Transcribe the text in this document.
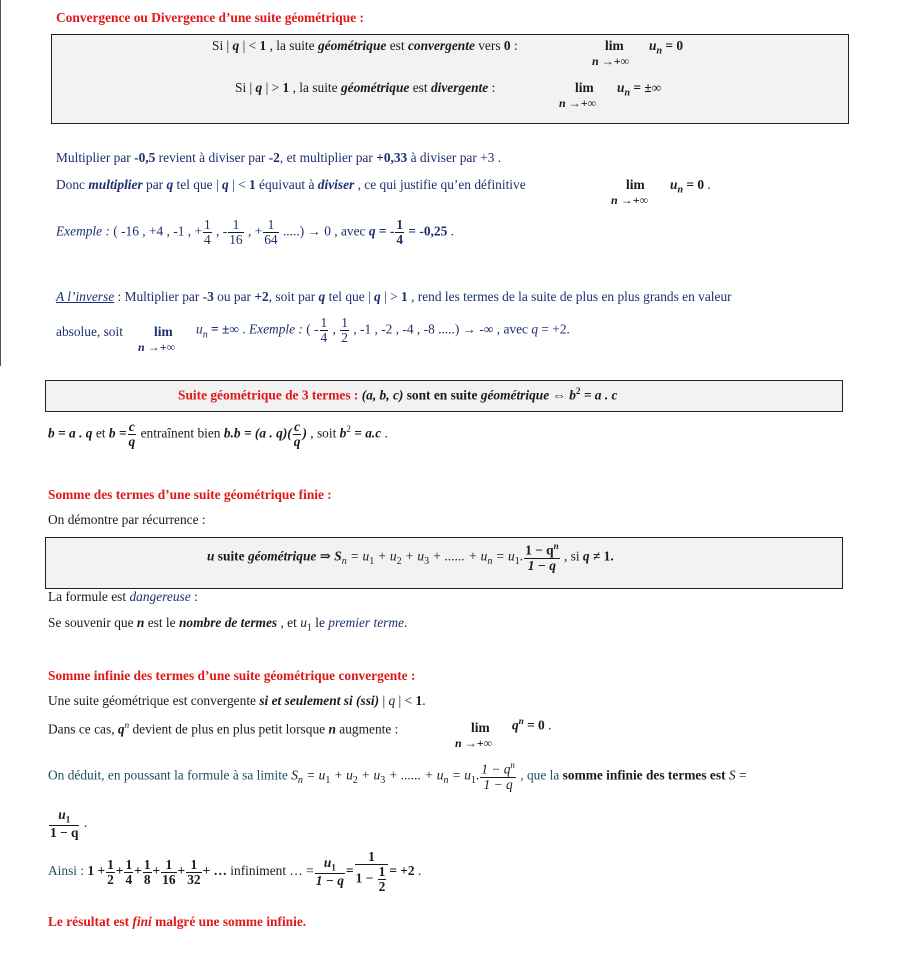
Convergence ou Divergence d’une suite géométrique :
Si | q | < 1 , la suite géométrique est convergente vers 0 :	$\lim u_n = 0$
n →+∞
Si | q | > 1 , la suite géométrique est divergente :	$\lim u_n$ = ±∞
n →+∞
Multiplier par -0,5 revient à diviser par -2, et multiplier par +0,33 à diviser par +3 .
Donc multiplier par q tel que | q | < 1 équivaut à diviser , ce qui justifie qu’en définitive	$\lim u_n = 0$ .
n →+∞
Exemple : ( -16 , +4 , -1 , + $\frac{1}{4}$ , - $\frac{1}{16}$ , + $\frac{1}{64}$ .....) → 0 , avec q = - $\frac{1}{4} = -0,25$ .
A l’inverse : Multiplier par -3 ou par +2, soit par q tel que | q | > 1 , rend les termes de la suite de plus en plus grands en valeur
absolue, soit $\lim u_n$ = ±∞ . Exemple : ( - $\frac{1}{4}$ , $\frac{1}{2}$ , -1 , -2 , -4 , -8 .....) → -∞ , avec q = +2.
n →+∞
Suite géométrique de 3 termes : (a, b, c) sont en suite géométrique ⇔ $b^2 = a$ . c
b = a . q et $b = \frac{c}{q}$ entraînent bien b.b = (a . $q)( \frac{c}{q}$ ) , soit $b^2 = a.c$ .
Somme des termes d’une suite géométrique finie :
On démontre par récurrence :
u suite géométrique ⇒ $S_n = u_1 + u_2 + u_3$ + ...... + $u_n = u_1$. $\frac{1 - q^n}{1 - q}$ , si q ≠ 1.
La formule est dangereuse :
Se souvenir que n est le nombre de termes , et $u_1$ le premier terme.
Somme infinie des termes d’une suite géométrique convergente :
Une suite géométrique est convergente si et seulement si (ssi) | q | < 1.
Dans ce cas, $q^n$ devient de plus en plus petit lorsque n augmente :	$\lim q^n = 0$ .
n →+∞
On déduit, en poussant la formule à sa limite $S_n = u_1 + u_2 + u_3$ + ...... + $u_n = u_1$. $\frac{1 - q^n}{1 - q}$ , que la somme infinie des termes est S =
$\frac{u_1}{1 - q}$ .
Ainsi : $1 + \frac{1}{2} + \frac{1}{4} + \frac{1}{8} + \frac{1}{16} + \frac{1}{32}$ + … infiniment … = $\frac{u_1}{1 - q} = \frac{1}{1 - \frac{1}{2}} = +2$ .
Le résultat est fini malgré une somme infinie.
